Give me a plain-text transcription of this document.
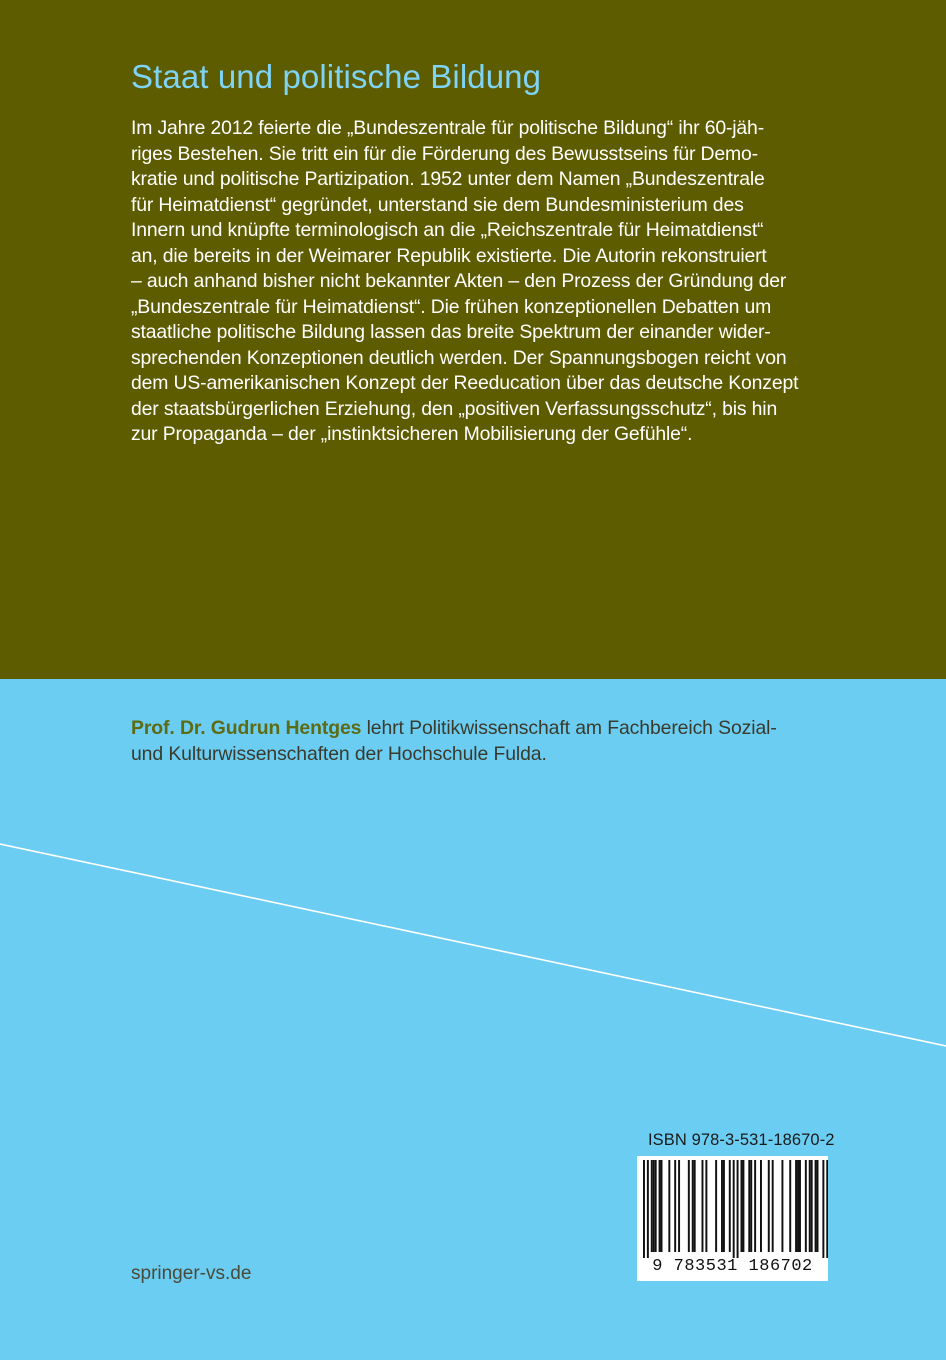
Staat und politische Bildung
Im Jahre 2012 feierte die „Bundeszentrale für politische Bildung“ ihr 60-jäh-
riges Bestehen. Sie tritt ein für die Förderung des Bewusstseins für Demo-
kratie und politische Partizipation. 1952 unter dem Namen „Bundeszentrale
für Heimatdienst“ gegründet, unterstand sie dem Bundesministerium des
Innern und knüpfte terminologisch an die „Reichszentrale für Heimatdienst“
an, die bereits in der Weimarer Republik existierte. Die Autorin rekonstruiert
– auch anhand bisher nicht bekannter Akten – den Prozess der Gründung der
„Bundeszentrale für Heimatdienst“. Die frühen konzeptionellen Debatten um
staatliche politische Bildung lassen das breite Spektrum der einander wider-
sprechenden Konzeptionen deutlich werden. Der Spannungsbogen reicht von
dem US-amerikanischen Konzept der Reeducation über das deutsche Konzept
der staatsbürgerlichen Erziehung, den „positiven Verfassungsschutz“, bis hin
zur Propaganda – der „instinktsicheren Mobilisierung der Gefühle“.
Prof. Dr. Gudrun Hentges lehrt Politikwissenschaft am Fachbereich Sozial-
und Kulturwissenschaften der Hochschule Fulda.
ISBN 978-3-531-18670-2
9 783531 186702
springer-vs.de
